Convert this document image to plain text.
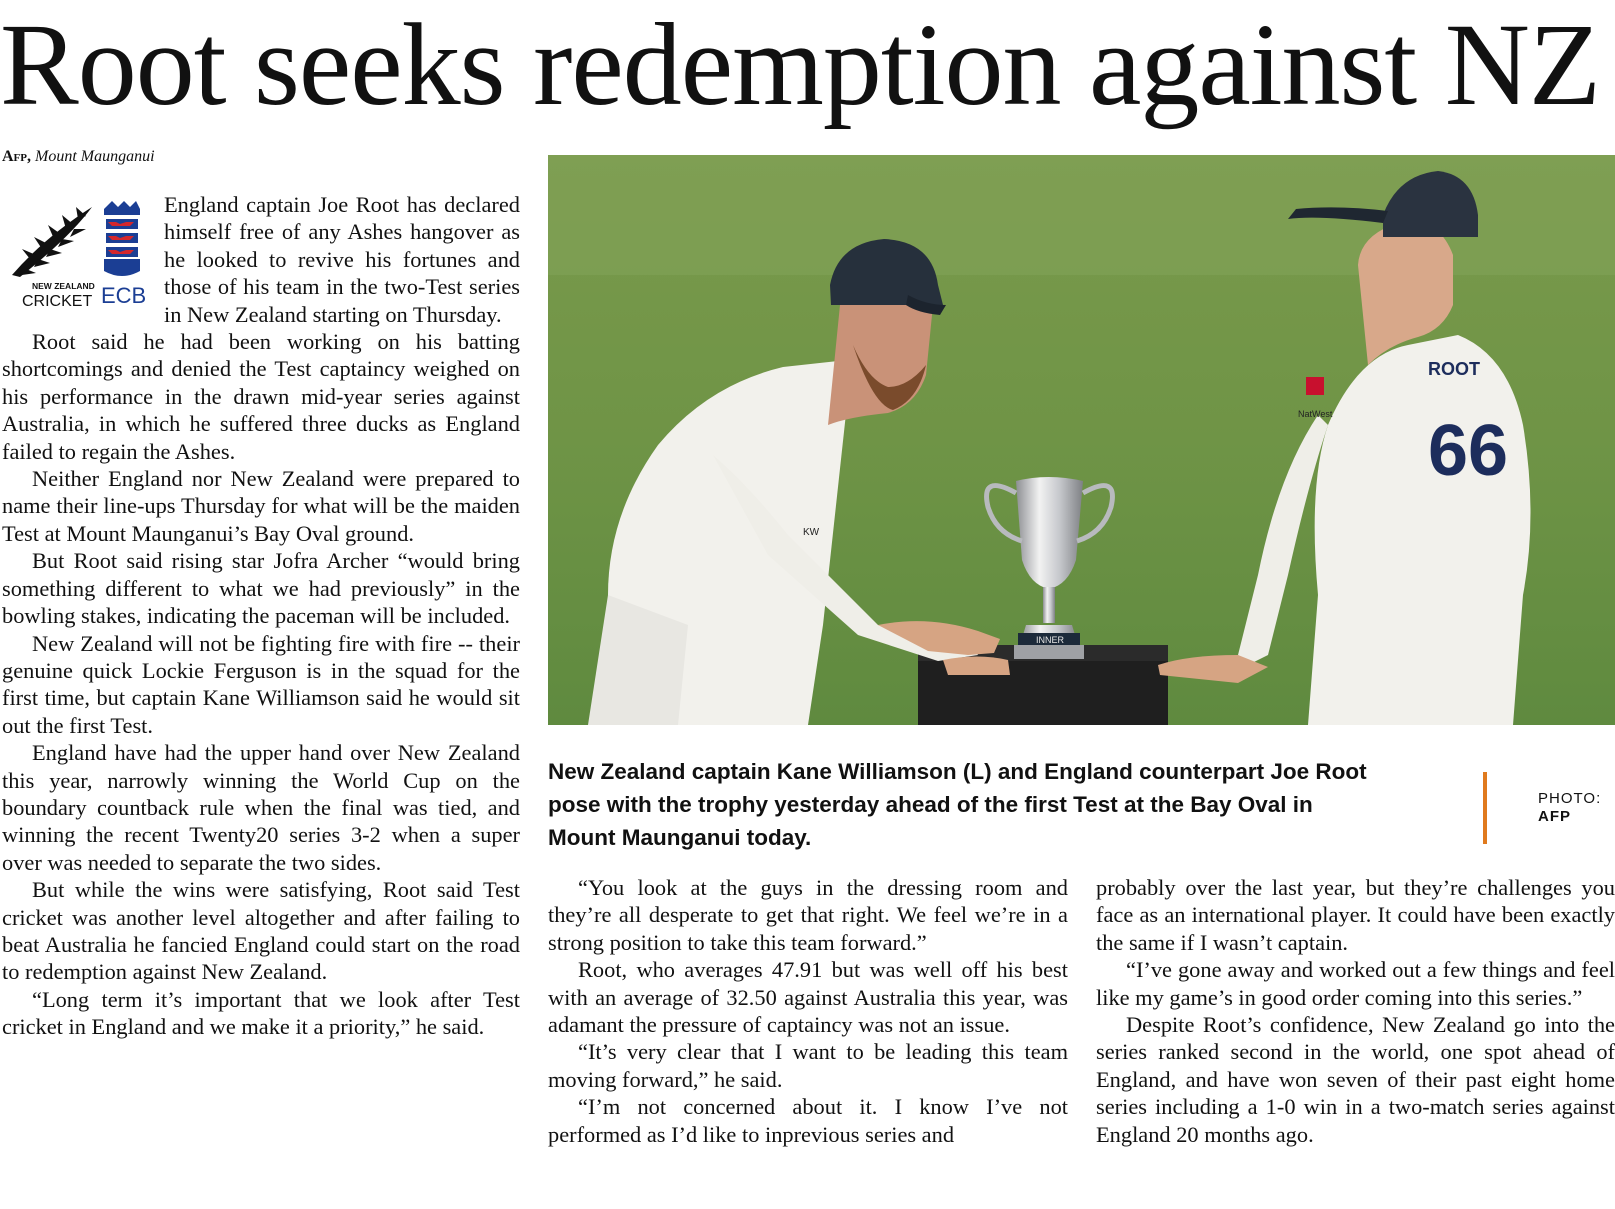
Root seeks redemption against NZ
Afp, Mount Maunganui
NEW ZEALAND
CRICKET ECB

England captain Joe Root has declared himself free of any Ashes hangover as he looked to revive his fortunes and those of his team in the two-Test series in New Zealand starting on Thursday.

Root said he had been working on his batting shortcomings and denied the Test captaincy weighed on his performance in the drawn mid-year series against Australia, in which he suffered three ducks as England failed to regain the Ashes.

Neither England nor New Zealand were prepared to name their line-ups Thursday for what will be the maiden Test at Mount Maunganui’s Bay Oval ground.

But Root said rising star Jofra Archer “would bring something different to what we had previously” in the bowling stakes, indicating the paceman will be included.

New Zealand will not be fighting fire with fire -- their genuine quick Lockie Ferguson is in the squad for the first time, but captain Kane Williamson said he would sit out the first Test.

England have had the upper hand over New Zealand this year, narrowly winning the World Cup on the boundary countback rule when the final was tied, and winning the recent Twenty20 series 3-2 when a super over was needed to separate the two sides.

But while the wins were satisfying, Root said Test cricket was another level altogether and after failing to beat Australia he fancied England could start on the road to redemption against New Zealand.

“Long term it’s important that we look after Test cricket in England and we make it a priority,” he said.

INNER
KW
ROOT
66
NatWest
New Zealand captain Kane Williamson (L) and England counterpart Joe Root pose with the trophy yesterday ahead of the first Test at the Bay Oval in Mount Maunganui today.
PHOTO:
AFP

“You look at the guys in the dressing room and they’re all desperate to get that right. We feel we’re in a strong position to take this team forward.”

Root, who averages 47.91 but was well off his best with an average of 32.50 against Australia this year, was adamant the pressure of captaincy was not an issue.

“It’s very clear that I want to be leading this team moving forward,” he said.

“I’m not concerned about it. I know I’ve not performed as I’d like to inprevious series and

probably over the last year, but they’re challenges you face as an international player. It could have been exactly the same if I wasn’t captain.

“I’ve gone away and worked out a few things and feel like my game’s in good order coming into this series.”

Despite Root’s confidence, New Zealand go into the series ranked second in the world, one spot ahead of England, and have won seven of their past eight home series including a 1-0 win in a two-match series against England 20 months ago.
